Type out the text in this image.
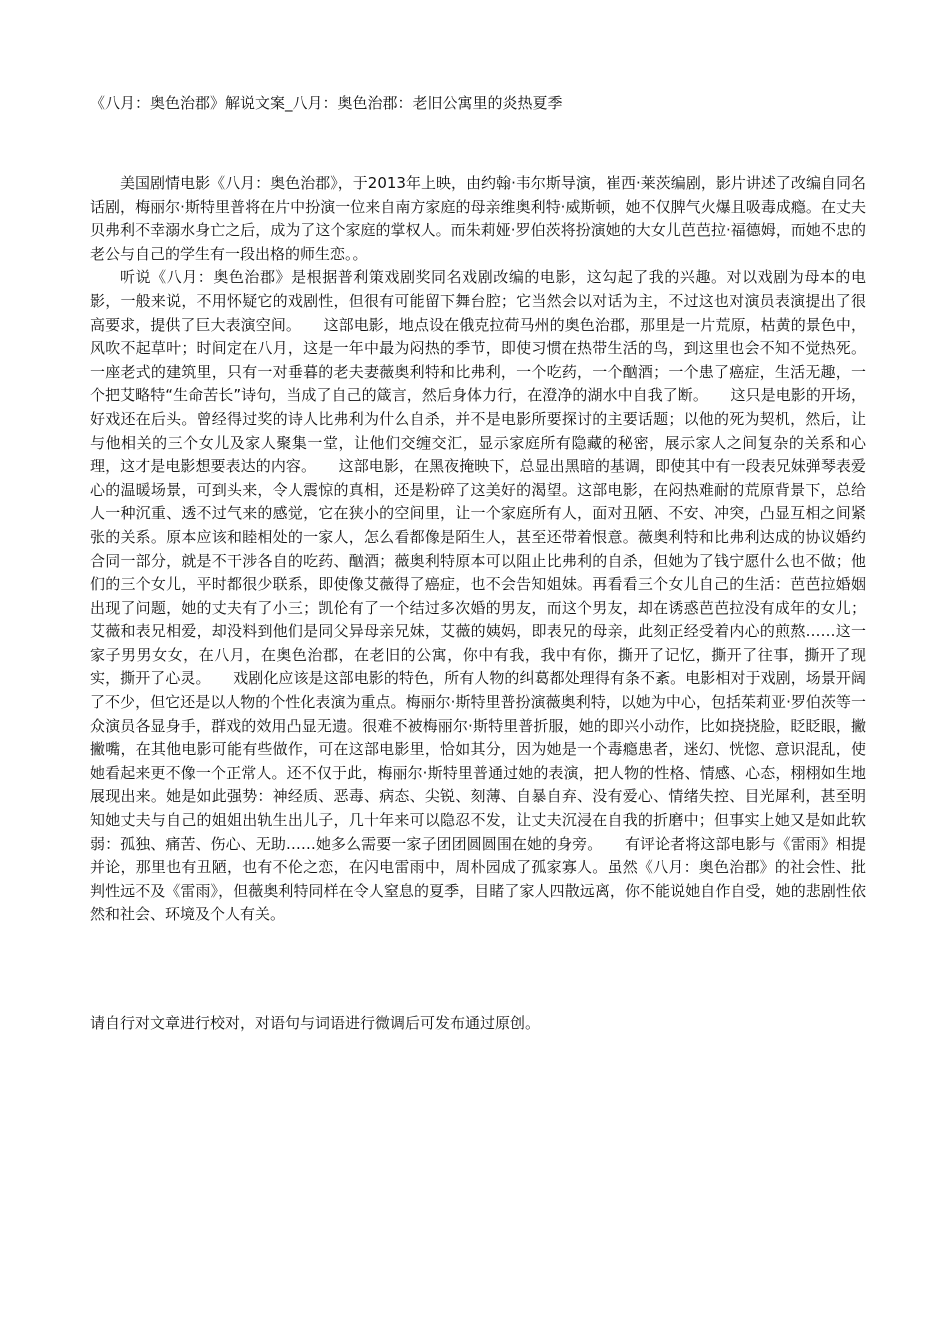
《八月：奥色治郡》解说文案_八月：奥色治郡：老旧公寓里的炎热夏季

美国剧情电影《八月：奥色治郡》，于2013年上映，由约翰·韦尔斯导演，崔西·莱茨编剧，影片讲述了改编自同名话剧，梅丽尔·斯特里普将在片中扮演一位来自南方家庭的母亲维奥利特·威斯顿，她不仅脾气火爆且吸毒成瘾。在丈夫贝弗利不幸溺水身亡之后，成为了这个家庭的掌权人。而朱莉娅·罗伯茨将扮演她的大女儿芭芭拉·福德姆，而她不忠的老公与自己的学生有一段出格的师生恋。。

听说《八月：奥色治郡》是根据普利策戏剧奖同名戏剧改编的电影，这勾起了我的兴趣。对以戏剧为母本的电影，一般来说，不用怀疑它的戏剧性，但很有可能留下舞台腔；它当然会以对话为主，不过这也对演员表演提出了很高要求，提供了巨大表演空间。　　这部电影，地点设在俄克拉荷马州的奥色治郡，那里是一片荒原，枯黄的景色中，风吹不起草叶；时间定在八月，这是一年中最为闷热的季节，即使习惯在热带生活的鸟，到这里也会不知不觉热死。一座老式的建筑里，只有一对垂暮的老夫妻薇奥利特和比弗利，一个吃药，一个酗酒；一个患了癌症，生活无趣，一个把艾略特“生命苦长”诗句，当成了自己的箴言，然后身体力行，在澄净的湖水中自我了断。　　这只是电影的开场，好戏还在后头。曾经得过奖的诗人比弗利为什么自杀，并不是电影所要探讨的主要话题；以他的死为契机，然后，让与他相关的三个女儿及家人聚集一堂，让他们交缠交汇，显示家庭所有隐藏的秘密，展示家人之间复杂的关系和心理，这才是电影想要表达的内容。　　这部电影，在黑夜掩映下，总显出黑暗的基调，即使其中有一段表兄妹弹琴表爱心的温暖场景，可到头来，令人震惊的真相，还是粉碎了这美好的渴望。这部电影，在闷热难耐的荒原背景下，总给人一种沉重、透不过气来的感觉，它在狭小的空间里，让一个家庭所有人，面对丑陋、不安、冲突，凸显互相之间紧张的关系。原本应该和睦相处的一家人，怎么看都像是陌生人，甚至还带着恨意。薇奥利特和比弗利达成的协议婚约合同一部分，就是不干涉各自的吃药、酗酒；薇奥利特原本可以阻止比弗利的自杀，但她为了钱宁愿什么也不做；他们的三个女儿，平时都很少联系，即使像艾薇得了癌症，也不会告知姐妹。再看看三个女儿自己的生活：芭芭拉婚姻出现了问题，她的丈夫有了小三；凯伦有了一个结过多次婚的男友，而这个男友，却在诱惑芭芭拉没有成年的女儿；艾薇和表兄相爱，却没料到他们是同父异母亲兄妹，艾薇的姨妈，即表兄的母亲，此刻正经受着内心的煎熬……这一家子男男女女，在八月，在奥色治郡，在老旧的公寓，你中有我，我中有你，撕开了记忆，撕开了往事，撕开了现实，撕开了心灵。　　戏剧化应该是这部电影的特色，所有人物的纠葛都处理得有条不紊。电影相对于戏剧，场景开阔了不少，但它还是以人物的个性化表演为重点。梅丽尔·斯特里普扮演薇奥利特，以她为中心，包括茱莉亚·罗伯茨等一众演员各显身手，群戏的效用凸显无遗。很难不被梅丽尔·斯特里普折服，她的即兴小动作，比如挠挠脸，眨眨眼，撇撇嘴，在其他电影可能有些做作，可在这部电影里，恰如其分，因为她是一个毒瘾患者，迷幻、恍惚、意识混乱，使她看起来更不像一个正常人。还不仅于此，梅丽尔·斯特里普通过她的表演，把人物的性格、情感、心态，栩栩如生地展现出来。她是如此强势：神经质、恶毒、病态、尖锐、刻薄、自暴自弃、没有爱心、情绪失控、目光犀利，甚至明知她丈夫与自己的姐姐出轨生出儿子，几十年来可以隐忍不发，让丈夫沉浸在自我的折磨中；但事实上她又是如此软弱：孤独、痛苦、伤心、无助……她多么需要一家子团团圆圆围在她的身旁。　　有评论者将这部电影与《雷雨》相提并论，那里也有丑陋，也有不伦之恋，在闪电雷雨中，周朴园成了孤家寡人。虽然《八月：奥色治郡》的社会性、批判性远不及《雷雨》，但薇奥利特同样在令人窒息的夏季，目睹了家人四散远离，你不能说她自作自受，她的悲剧性依然和社会、环境及个人有关。

请自行对文章进行校对，对语句与词语进行微调后可发布通过原创。
